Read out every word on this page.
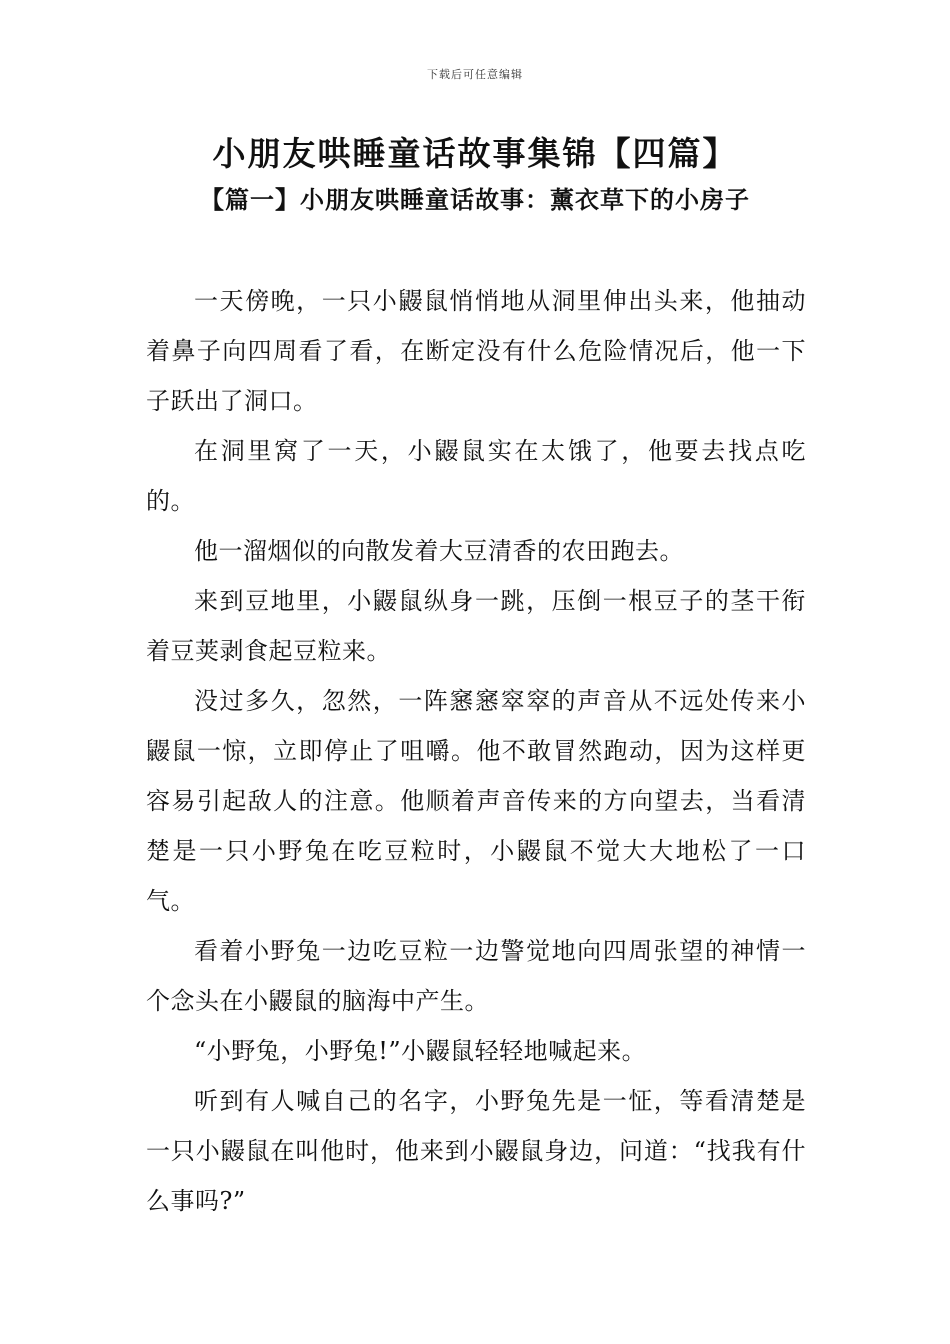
下载后可任意编辑
小朋友哄睡童话故事集锦【四篇】
【篇一】小朋友哄睡童话故事：薰衣草下的小房子

一天傍晚，一只小鼹鼠悄悄地从洞里伸出头来，他抽动着鼻子向四周看了看，在断定没有什么危险情况后，他一下子跃出了洞口。

在洞里窝了一天，小鼹鼠实在太饿了，他要去找点吃的。

他一溜烟似的向散发着大豆清香的农田跑去。

来到豆地里，小鼹鼠纵身一跳，压倒一根豆子的茎干衔着豆荚剥食起豆粒来。

没过多久，忽然，一阵窸窸窣窣的声音从不远处传来小鼹鼠一惊，立即停止了咀嚼。他不敢冒然跑动，因为这样更容易引起敌人的注意。他顺着声音传来的方向望去，当看清楚是一只小野兔在吃豆粒时，小鼹鼠不觉大大地松了一口气。

看着小野兔一边吃豆粒一边警觉地向四周张望的神情一个念头在小鼹鼠的脑海中产生。

“小野兔，小野兔!”小鼹鼠轻轻地喊起来。

听到有人喊自己的名字，小野兔先是一怔，等看清楚是一只小鼹鼠在叫他时，他来到小鼹鼠身边，问道：“找我有什么事吗?”
